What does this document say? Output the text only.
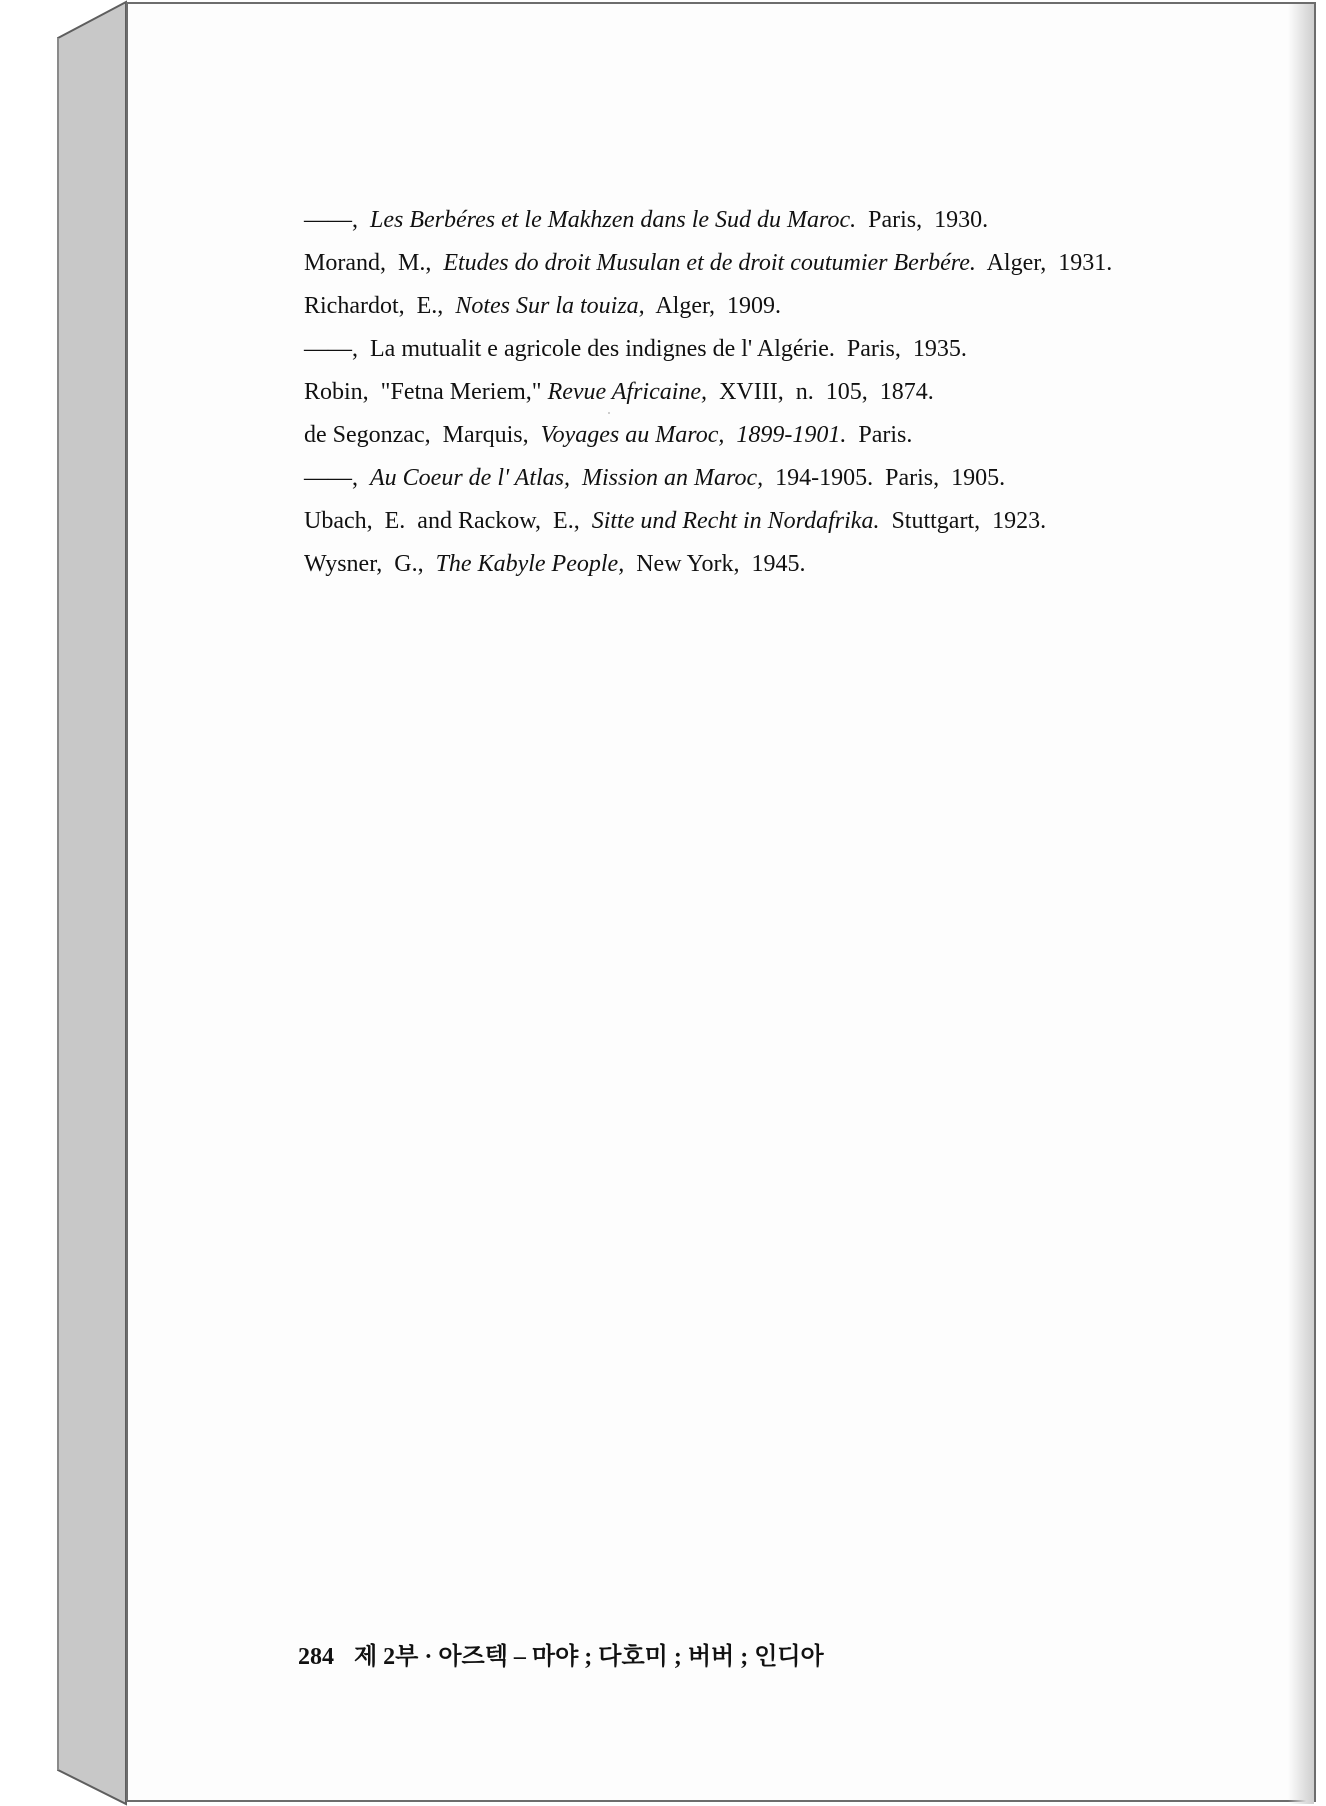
——,  Les Berbéres et le Makhzen dans le Sud du Maroc.  Paris,  1930.
Morand,  M.,  Etudes do droit Musulan et de droit coutumier Berbére.  Alger,  1931.
Richardot,  E.,  Notes Sur la touiza,  Alger,  1909.
——,  La mutualit e agricole des indignes de l' Algérie.  Paris,  1935.
Robin,  "Fetna Meriem," Revue Africaine,  XVIII,  n.  105,  1874.
de Segonzac,  Marquis,  Voyages au Maroc,  1899-1901.  Paris.
——,  Au Coeur de l' Atlas,  Mission an Maroc,  194-1905.  Paris,  1905.
Ubach,  E.  and Rackow,  E.,  Sitte und Recht in Nordafrika.  Stuttgart,  1923.
Wysner,  G.,  The Kabyle People,  New York,  1945.
284 제 2부 · 아즈텍 – 마야 ; 다호미 ; 버버 ; 인디아
